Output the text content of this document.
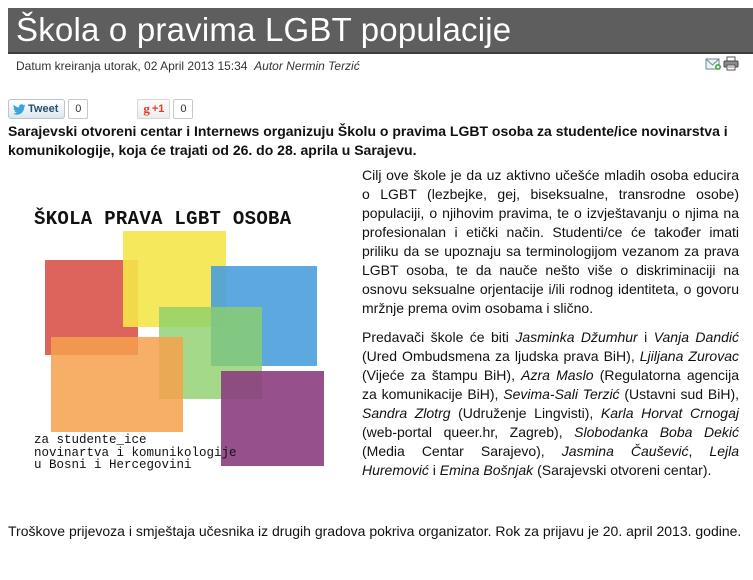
Škola o pravima LGBT populacije
Datum kreiranja utorak, 02 April 2013 15:34 Autor Nermin Terzić
Tweet	0	g +1	0
Sarajevski otvoreni centar i Internews organizuju Školu o pravima LGBT osoba za studente/ice novinarstva i komunikologije, koja će trajati od 26. do 28. aprila u Sarajevu.
ŠKOLA PRAVA LGBT OSOBA
za studente_ice
novinartva i komunikologije
u Bosni i Hercegovini

Cilj ove škole je da uz aktivno učešće mladih osoba educira o LGBT (lezbejke, gej, biseksualne, transrodne osobe) populaciji, o njihovim pravima, te o izvještavanju o njima na profesionalan i etički način. Studenti/ce će također imati priliku da se upoznaju sa terminologijom vezanom za prava LGBT osoba, te da nauče nešto više o diskriminaciji na osnovu seksualne orjentacije i/ili rodnog identiteta, o govoru mržnje prema ovim osobama i slično.

Predavači škole će biti Jasminka Džumhur i Vanja Dandić (Ured Ombudsmena za ljudska prava BiH), Ljiljana Zurovac (Vijeće za štampu BiH), Azra Maslo (Regulatorna agencija za komunikacije BiH), Sevima-Sali Terzić (Ustavni sud BiH), Sandra Zlotrg (Udruženje Lingvisti), Karla Horvat Crnogaj (web-portal queer.hr, Zagreb), Slobodanka Boba Dekić (Media Centar Sarajevo), Jasmina Čaušević, Lejla Huremović i Emina Bošnjak (Sarajevski otvoreni centar).

Troškove prijevoza i smještaja učesnika iz drugih gradova pokriva organizator. Rok za prijavu je 20. april 2013. godine.
